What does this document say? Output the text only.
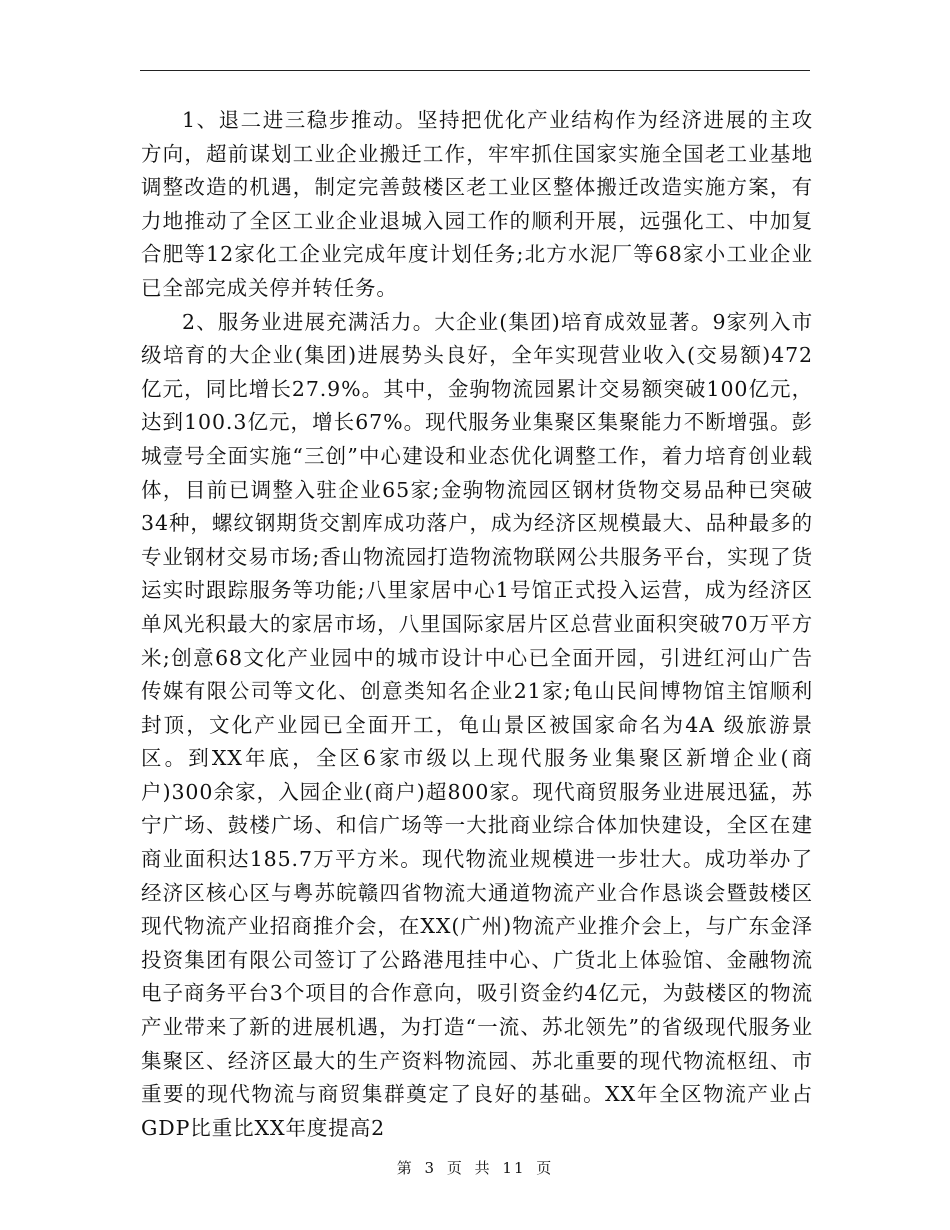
1、退二进三稳步推动。坚持把优化产业结构作为经济进展的主攻方向，超前谋划工业企业搬迁工作，牢牢抓住国家实施全国老工业基地调整改造的机遇，制定完善鼓楼区老工业区整体搬迁改造实施方案，有力地推动了全区工业企业退城入园工作的顺利开展，远强化工、中加复合肥等12家化工企业完成年度计划任务;北方水泥厂等68家小工业企业已全部完成关停并转任务。

2、服务业进展充满活力。大企业(集团)培育成效显著。9家列入市级培育的大企业(集团)进展势头良好，全年实现营业收入(交易额)472亿元，同比增长27.9%。其中，金驹物流园累计交易额突破100亿元，达到100.3亿元，增长67%。现代服务业集聚区集聚能力不断增强。彭城壹号全面实施“三创”中心建设和业态优化调整工作，着力培育创业载体，目前已调整入驻企业65家;金驹物流园区钢材货物交易品种已突破34种，螺纹钢期货交割库成功落户，成为经济区规模最大、品种最多的专业钢材交易市场;香山物流园打造物流物联网公共服务平台，实现了货运实时跟踪服务等功能;八里家居中心1号馆正式投入运营，成为经济区单风光积最大的家居市场，八里国际家居片区总营业面积突破70万平方米;创意68文化产业园中的城市设计中心已全面开园，引进红河山广告传媒有限公司等文化、创意类知名企业21家;龟山民间博物馆主馆顺利封顶，文化产业园已全面开工，龟山景区被国家命名为4A 级旅游景区。到XX年底，全区6家市级以上现代服务业集聚区新增企业(商户)300余家，入园企业(商户)超800家。现代商贸服务业进展迅猛，苏宁广场、鼓楼广场、和信广场等一大批商业综合体加快建设，全区在建商业面积达185.7万平方米。现代物流业规模进一步壮大。成功举办了经济区核心区与粤苏皖赣四省物流大通道物流产业合作恳谈会暨鼓楼区现代物流产业招商推介会，在XX(广州)物流产业推介会上，与广东金泽投资集团有限公司签订了公路港甩挂中心、广货北上体验馆、金融物流电子商务平台3个项目的合作意向，吸引资金约4亿元，为鼓楼区的物流产业带来了新的进展机遇，为打造“一流、苏北领先”的省级现代服务业集聚区、经济区最大的生产资料物流园、苏北重要的现代物流枢纽、市重要的现代物流与商贸集群奠定了良好的基础。XX年全区物流产业占GDP比重比XX年度提高2

第 3 页 共 11 页
